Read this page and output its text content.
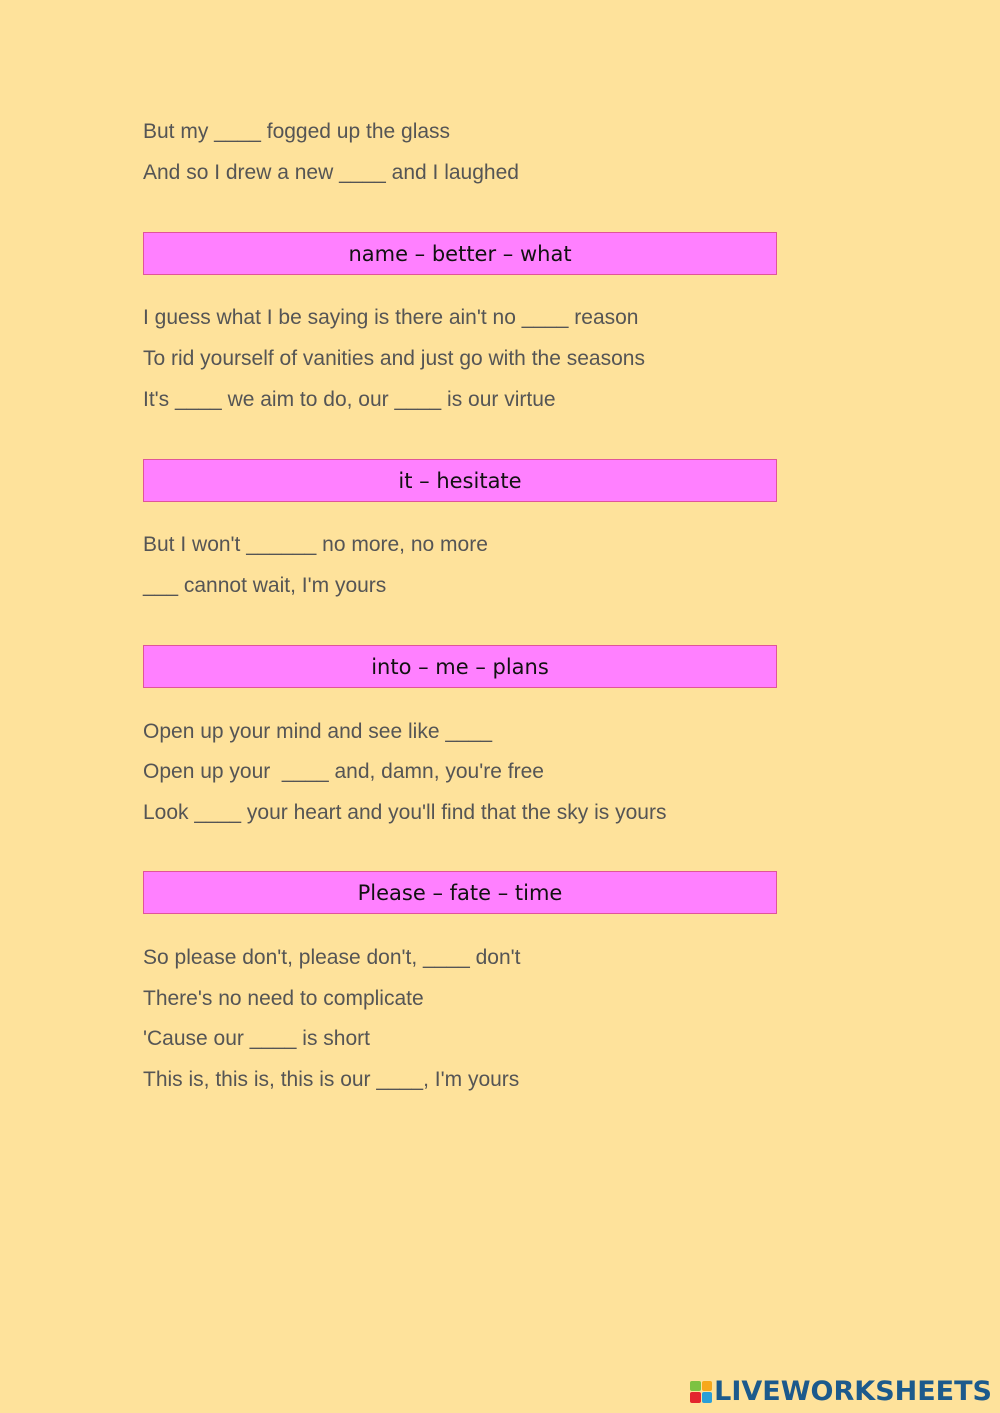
But my ____ fogged up the glass
And so I drew a new ____ and I laughed
name – better – what
I guess what I be saying is there ain't no ____ reason
To rid yourself of vanities and just go with the seasons
It's ____ we aim to do, our ____ is our virtue
it – hesitate
But I won't ______ no more, no more
___ cannot wait, I'm yours
into – me – plans
Open up your mind and see like ____
Open up your  ____ and, damn, you're free
Look ____ your heart and you'll find that the sky is yours
Please – fate – time
So please don't, please don't, ____ don't
There's no need to complicate
'Cause our ____ is short
This is, this is, this is our ____, I'm yours
LIVEWORKSHEETS
